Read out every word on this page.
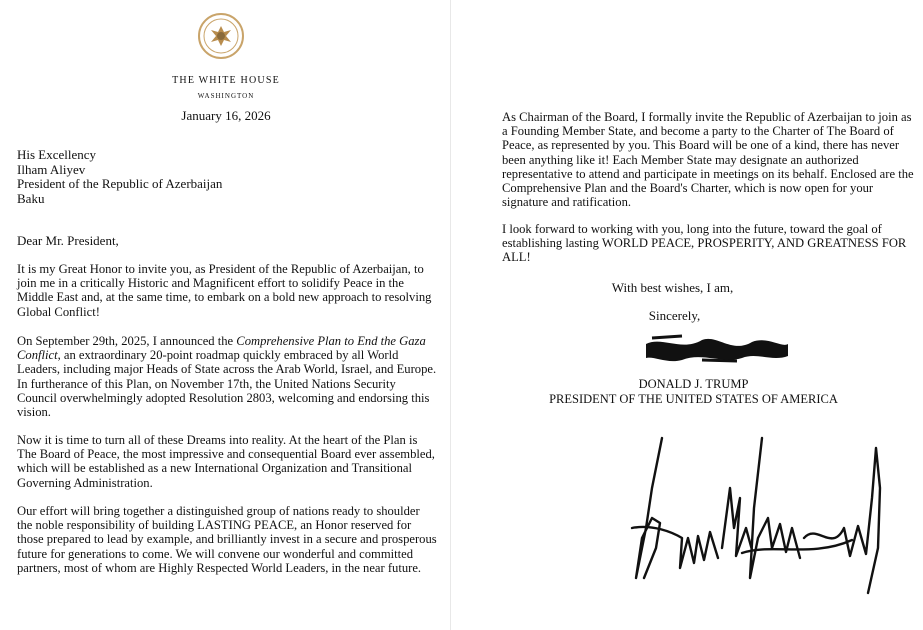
THE WHITE HOUSE
WASHINGTON
January 16, 2026
His Excellency
Ilham Aliyev
President of the Republic of Azerbaijan
Baku
Dear Mr. President,
It is my Great Honor to invite you, as President of the Republic of Azerbaijan, to join me in a critically Historic and Magnificent effort to solidify Peace in the Middle East and, at the same time, to embark on a bold new approach to resolving Global Conflict!
On September 29th, 2025, I announced the Comprehensive Plan to End the Gaza Conflict, an extraordinary 20-point roadmap quickly embraced by all World Leaders, including major Heads of State across the Arab World, Israel, and Europe. In furtherance of this Plan, on November 17th, the United Nations Security Council overwhelmingly adopted Resolution 2803, welcoming and endorsing this vision.
Now it is time to turn all of these Dreams into reality. At the heart of the Plan is The Board of Peace, the most impressive and consequential Board ever assembled, which will be established as a new International Organization and Transitional Governing Administration.
Our effort will bring together a distinguished group of nations ready to shoulder the noble responsibility of building LASTING PEACE, an Honor reserved for those prepared to lead by example, and brilliantly invest in a secure and prosperous future for generations to come. We will convene our wonderful and committed partners, most of whom are Highly Respected World Leaders, in the near future.
As Chairman of the Board, I formally invite the Republic of Azerbaijan to join as a Founding Member State, and become a party to the Charter of The Board of Peace, as represented by you. This Board will be one of a kind, there has never been anything like it! Each Member State may designate an authorized representative to attend and participate in meetings on its behalf. Enclosed are the Comprehensive Plan and the Board's Charter, which is now open for your signature and ratification.
I look forward to working with you, long into the future, toward the goal of establishing lasting WORLD PEACE, PROSPERITY, AND GREATNESS FOR ALL!
With best wishes, I am,
Sincerely,
DONALD J. TRUMP
PRESIDENT OF THE UNITED STATES OF AMERICA
